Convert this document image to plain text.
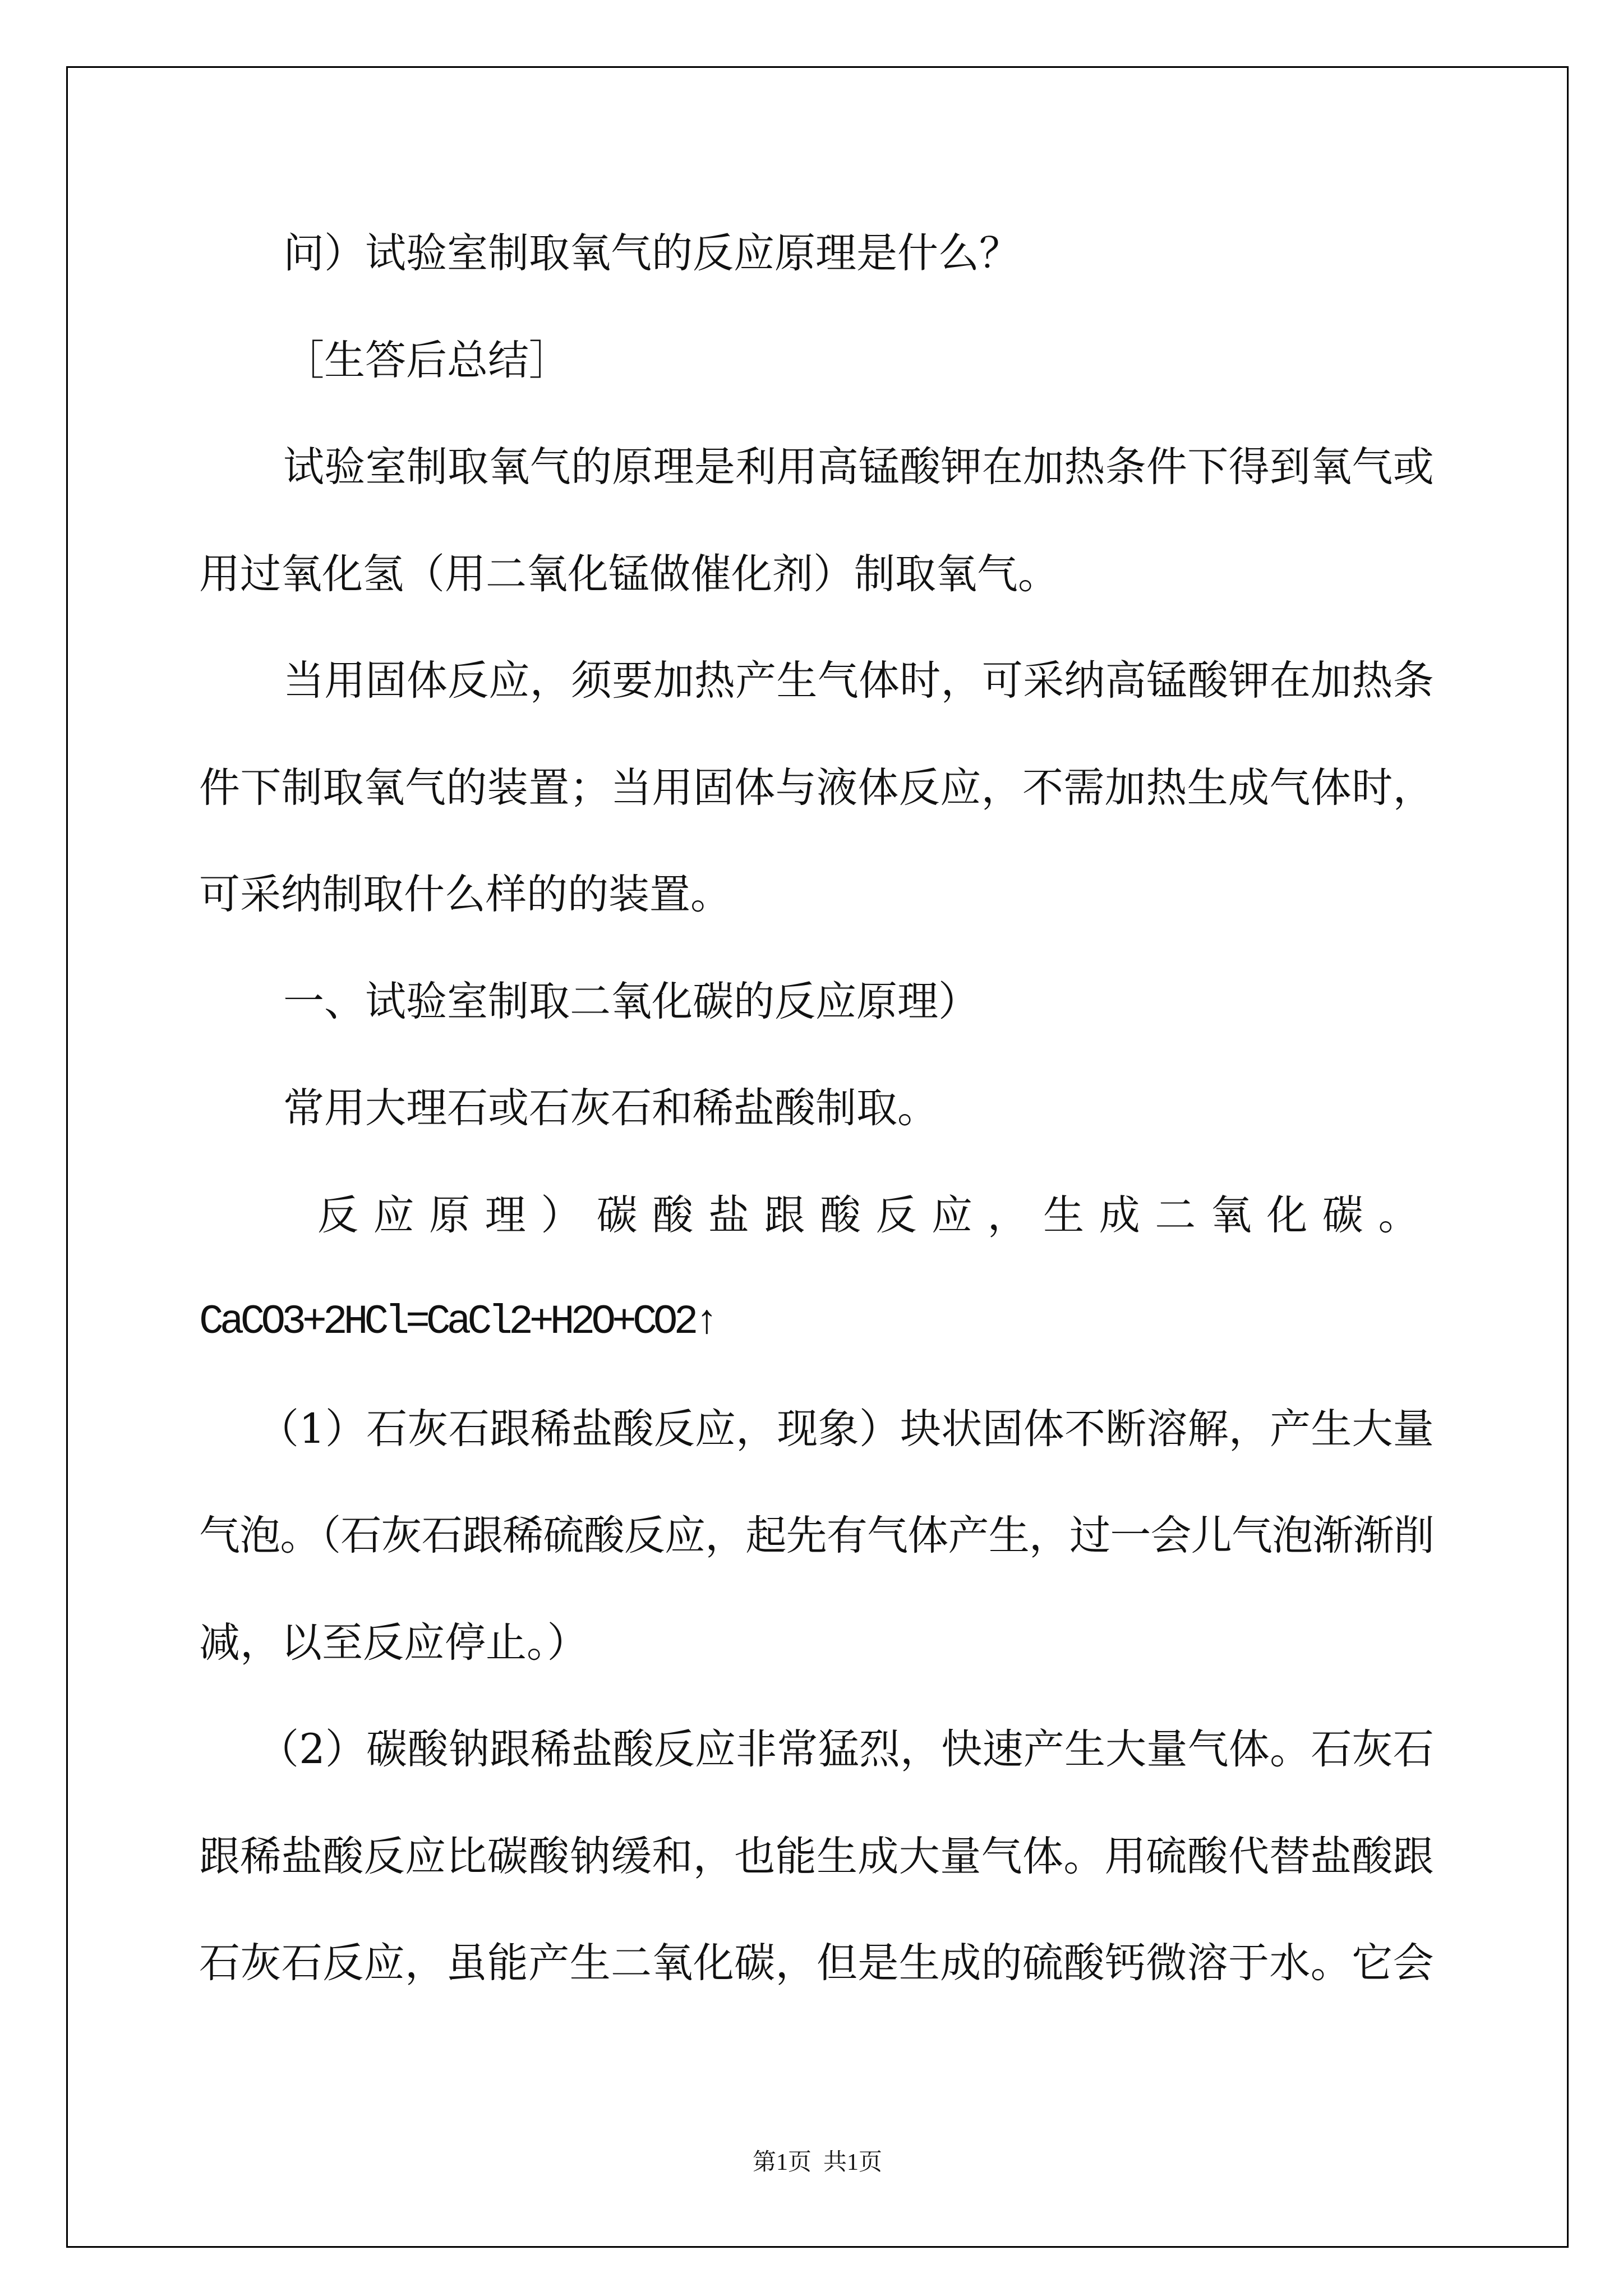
问）试验室制取氧气的反应原理是什么？
［生答后总结］
试验室制取氧气的原理是利用高锰酸钾在加热条件下得到氧气或
用过氧化氢（用二氧化锰做催化剂）制取氧气。
当用固体反应，须要加热产生气体时，可采纳高锰酸钾在加热条
件下制取氧气的装置；当用固体与液体反应，不需加热生成气体时，
可采纳制取什么样的的装置。
一、试验室制取二氧化碳的反应原理）
常用大理石或石灰石和稀盐酸制取。
反应原理）碳酸盐跟酸反应，生成二氧化碳。
CaCO3+2HCl=CaCl2+H2O+CO2↑
（1）石灰石跟稀盐酸反应，现象）块状固体不断溶解，产生大量
气泡。（石灰石跟稀硫酸反应，起先有气体产生，过一会儿气泡渐渐削
减，以至反应停止。）
（2）碳酸钠跟稀盐酸反应非常猛烈，快速产生大量气体。石灰石
跟稀盐酸反应比碳酸钠缓和，也能生成大量气体。用硫酸代替盐酸跟
石灰石反应，虽能产生二氧化碳，但是生成的硫酸钙微溶于水。它会
第1页  共1页
